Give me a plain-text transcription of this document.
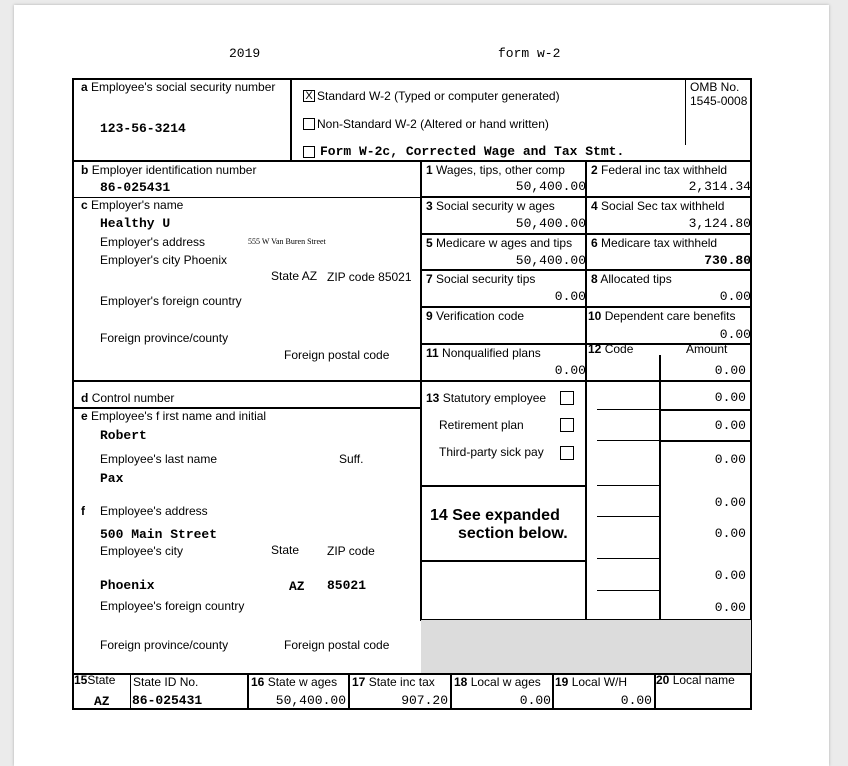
2019	form w-2
a Employee's social security number
123-56-3214
X Standard W-2 (Typed or computer generated)
Non-Standard W-2 (Altered or hand written)
Form W-2c, Corrected Wage and Tax Stmt.
OMB No.
1545-0008
b Employer identification number
86-025431
c Employer's name
Healthy U
Employer's address	555 W Van Buren Street
Employer's city Phoenix
State AZ ZIP code 85021
Employer's foreign country
Foreign province/county
Foreign postal code
1 Wages, tips, other comp
50,400.00
2 Federal inc tax withheld
2,314.34
3 Social security w ages
50,400.00
4 Social Sec tax withheld
3,124.80
5 Medicare w ages and tips
50,400.00
6 Medicare tax withheld
730.80
7 Social security tips
0.00
8 Allocated tips
0.00
9 Verification code	10 Dependent care benefits
0.00
11 Nonqualified plans
0.00
12 Code	Amount
0.00
0.00
0.00
0.00
0.00
0.00
0.00
0.00
13 Statutory employee
Retirement plan
Third-party sick pay
14 See expanded
section below.
d Control number
e Employee's f irst name and initial
Robert
Employee's last name	Suff.
Pax
f Employee's address
500 Main Street
Employee's city	State ZIP code
Phoenix	AZ 85021
Employee's foreign country
Foreign province/county	Foreign postal code
15State
AZ
State ID No.
86-025431
16 State w ages
50,400.00
17 State inc tax
907.20
18 Local w ages
0.00
19 Local W/H
0.00
20 Local name
